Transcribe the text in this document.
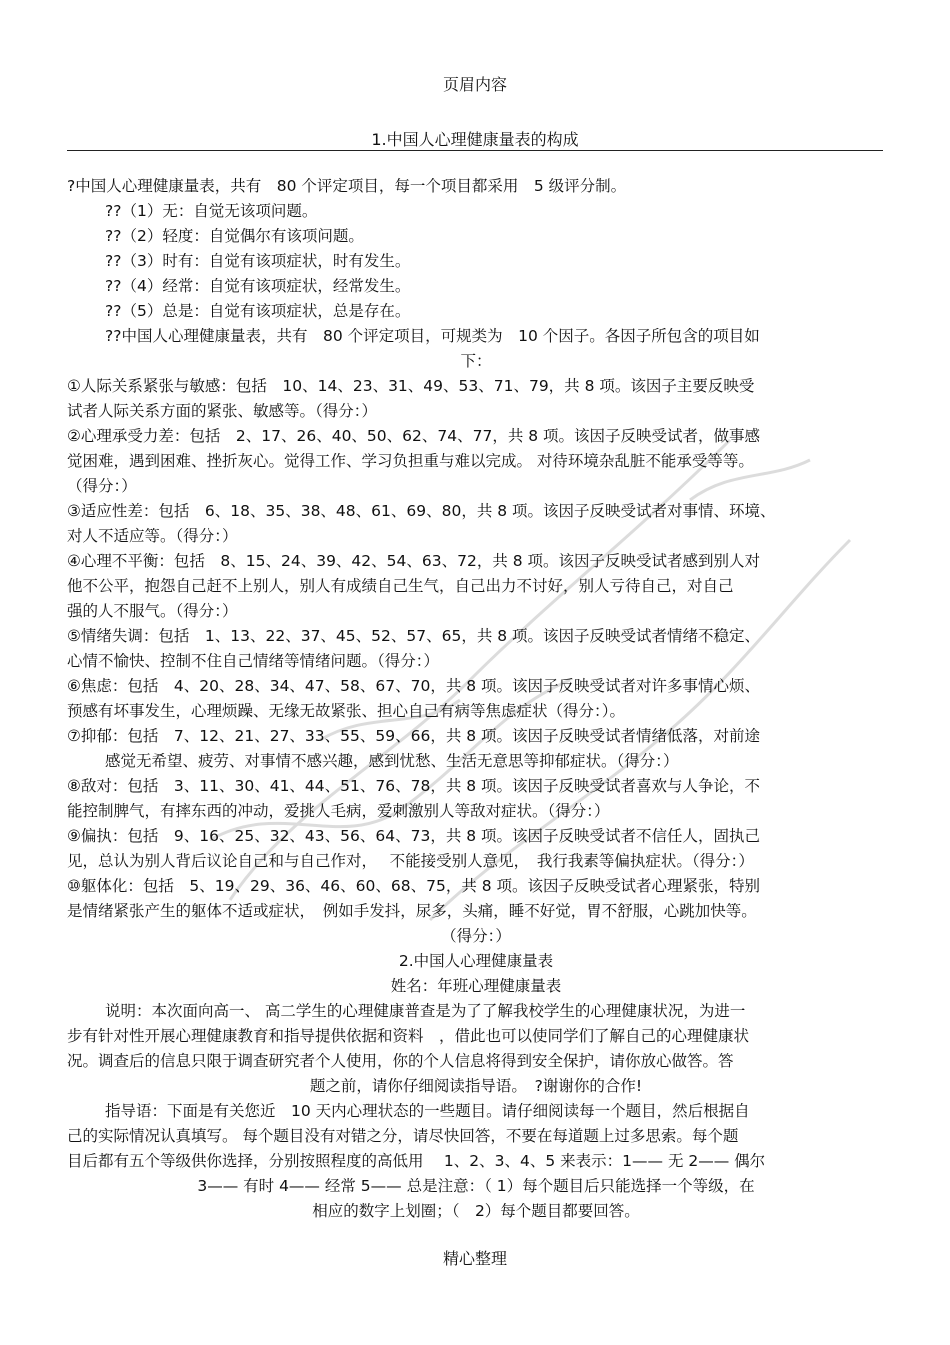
页眉内容
1.中国人心理健康量表的构成
?中国人心理健康量表，共有　80 个评定项目，每一个项目都采用　5 级评分制。
??（1）无：自觉无该项问题。
??（2）轻度：自觉偶尔有该项问题。
??（3）时有：自觉有该项症状，时有发生。
??（4）经常：自觉有该项症状，经常发生。
??（5）总是：自觉有该项症状，总是存在。
??中国人心理健康量表，共有　80 个评定项目，可规类为　10 个因子。各因子所包含的项目如
下：
①人际关系紧张与敏感：包括　10、14、23、31、49、53、71、79，共 8 项。该因子主要反映受
试者人际关系方面的紧张、敏感等。（得分：）
②心理承受力差：包括　2、17、26、40、50、62、74、77，共 8 项。该因子反映受试者，做事感
觉困难，遇到困难、挫折灰心。觉得工作、学习负担重与难以完成。 对待环境杂乱脏不能承受等等。
（得分：）
③适应性差：包括　6、18、35、38、48、61、69、80，共 8 项。该因子反映受试者对事情、环境、
对人不适应等。（得分：）
④心理不平衡：包括　8、15、24、39、42、54、63、72，共 8 项。该因子反映受试者感到别人对
他不公平，抱怨自己赶不上别人，别人有成绩自己生气，自己出力不讨好，别人亏待自己，对自己
强的人不服气。（得分：）
⑤情绪失调：包括　1、13、22、37、45、52、57、65，共 8 项。该因子反映受试者情绪不稳定、
心情不愉快、控制不住自己情绪等情绪问题。（得分：）
⑥焦虑：包括　4、20、28、34、47、58、67、70，共 8 项。该因子反映受试者对许多事情心烦、
预感有坏事发生，心理烦躁、无缘无故紧张、担心自己有病等焦虑症状（得分：）。
⑦抑郁：包括　7、12、21、27、33、55、59、66，共 8 项。该因子反映受试者情绪低落，对前途
感觉无希望、疲劳、对事情不感兴趣，感到忧愁、生活无意思等抑郁症状。（得分：）
⑧敌对：包括　3、11、30、41、44、51、76、78，共 8 项。该因子反映受试者喜欢与人争论，不
能控制脾气，有摔东西的冲动，爱挑人毛病，爱刺激别人等敌对症状。（得分：）
⑨偏执：包括　9、16、25、32、43、56、64、73，共 8 项。该因子反映受试者不信任人，固执己
见，总认为别人背后议论自己和与自己作对，　 不能接受别人意见，　我行我素等偏执症状。（得分：）
⑩躯体化：包括　5、19、29、36、46、60、68、75，共 8 项。该因子反映受试者心理紧张，特别
是情绪紧张产生的躯体不适或症状，　例如手发抖，尿多，头痛，睡不好觉，胃不舒服，心跳加快等。
（得分：）
2.中国人心理健康量表
姓名：年班心理健康量表
说明：本次面向高一、 高二学生的心理健康普查是为了了解我校学生的心理健康状况，为进一
步有针对性开展心理健康教育和指导提供依据和资料　，借此也可以使同学们了解自己的心理健康状
况。调查后的信息只限于调查研究者个人使用，你的个人信息将得到安全保护，请你放心做答。答
题之前，请你仔细阅读指导语。　?谢谢你的合作!
指导语：下面是有关您近　10 天内心理状态的一些题目。请仔细阅读每一个题目，然后根据自
己的实际情况认真填写。 每个题目没有对错之分，请尽快回答，不要在每道题上过多思索。每个题
目后都有五个等级供你选择，分别按照程度的高低用　 1、2、3、4、5 来表示：1—— 无 2—— 偶尔
3—— 有时 4—— 经常 5—— 总是注意：（ 1）每个题目后只能选择一个等级，在
相应的数字上划圈；（　2）每个题目都要回答。
精心整理
